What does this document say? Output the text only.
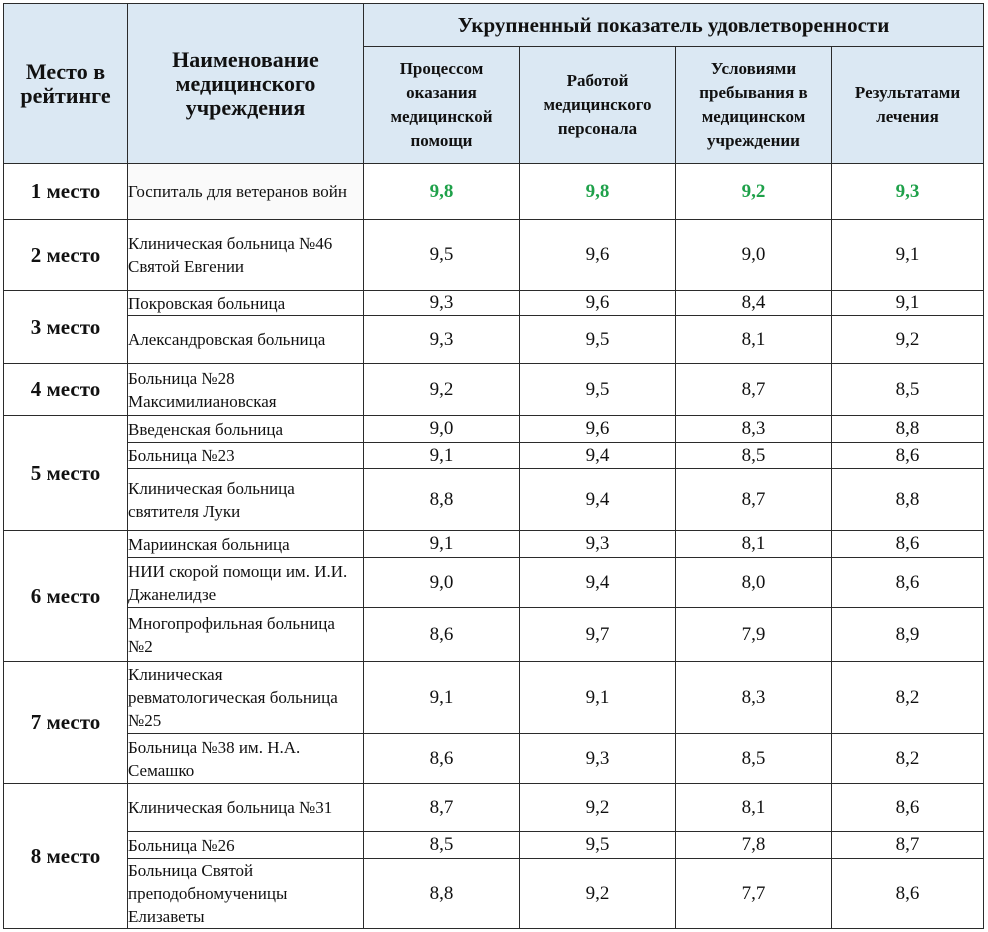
Место в рейтинге	Наименование медицинского учреждения	Укрупненный показатель удовлетворенности			
		Процессом оказания медицинской помощи	Работой медицинского персонала	Условиями пребывания в медицинском учреждении	Результатами лечения
1 место	Госпиталь для ветеранов войн	9,8	9,8	9,2	9,3
2 место	Клиническая больница №46 Святой Евгении	9,5	9,6	9,0	9,1
3 место	Покровская больница	9,3	9,6	8,4	9,1
	Александровская больница	9,3	9,5	8,1	9,2
4 место	Больница №28 Максимилиановская	9,2	9,5	8,7	8,5
5 место	Введенская больница	9,0	9,6	8,3	8,8
	Больница №23	9,1	9,4	8,5	8,6
	Клиническая больница святителя Луки	8,8	9,4	8,7	8,8
6 место	Мариинская больница	9,1	9,3	8,1	8,6
	НИИ скорой помощи им. И.И. Джанелидзе	9,0	9,4	8,0	8,6
	Многопрофильная больница №2	8,6	9,7	7,9	8,9
7 место	Клиническая ревматологическая больница №25	9,1	9,1	8,3	8,2
	Больница №38 им. Н.А. Семашко	8,6	9,3	8,5	8,2
8 место	Клиническая больница №31	8,7	9,2	8,1	8,6
	Больница №26	8,5	9,5	7,8	8,7
	Больница Святой преподобномученицы Елизаветы	8,8	9,2	7,7	8,6
